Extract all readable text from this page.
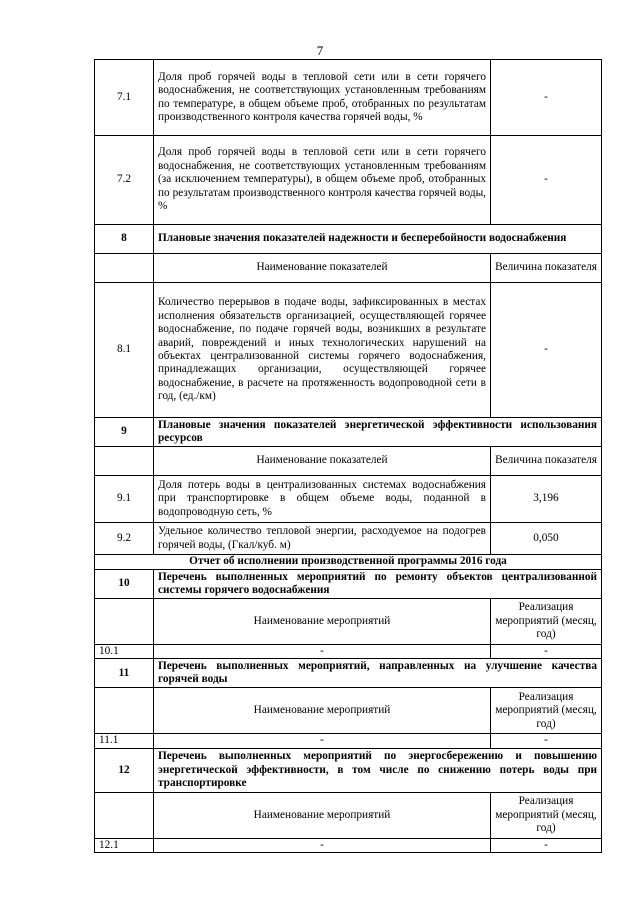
7
7.1	Доля проб горячей воды в тепловой сети или в сети горячего водоснабжения, не соответствующих установленным требованиям по температуре, в общем объеме проб, отобранных по результатам производственного контроля качества горячей воды, %	-
7.2	Доля проб горячей воды в тепловой сети или в сети горячего водоснабжения, не соответствующих установленным требованиям (за исключением температуры), в общем объеме проб, отобранных по результатам производственного контроля качества горячей воды, %	-
8	Плановые значения показателей надежности и бесперебойности водоснабжения	
	Наименование показателей	Величина показателя
8.1	Количество перерывов в подаче воды, зафиксированных в местах исполнения обязательств организацией, осуществляющей горячее водоснабжение, по подаче горячей воды, возникших в результате аварий, повреждений и иных технологических нарушений на объектах централизованной системы горячего водоснабжения, принадлежащих организации, осуществляющей горячее водоснабжение, в расчете на протяженность водопроводной сети в год, (ед./км)	-
9	Плановые значения показателей энергетической эффективности использования ресурсов	
	Наименование показателей	Величина показателя
9.1	Доля потерь воды в централизованных системах водоснабжения при транспортировке в общем объеме воды, поданной в водопроводную сеть, %	3,196
9.2	Удельное количество тепловой энергии, расходуемое на подогрев горячей воды, (Гкал/куб. м)	0,050
Отчет об исполнении производственной программы 2016 года		
10	Перечень выполненных мероприятий по ремонту объектов централизованной системы горячего водоснабжения	
	Наименование мероприятий	Реализация мероприятий (месяц, год)
10.1	-	-
11	Перечень выполненных мероприятий, направленных на улучшение качества горячей воды	
	Наименование мероприятий	Реализация мероприятий (месяц, год)
11.1	-	-
12	Перечень выполненных мероприятий по энергосбережению и повышению энергетической эффективности, в том числе по снижению потерь воды при транспортировке	
	Наименование мероприятий	Реализация мероприятий (месяц, год)
12.1	-	-
